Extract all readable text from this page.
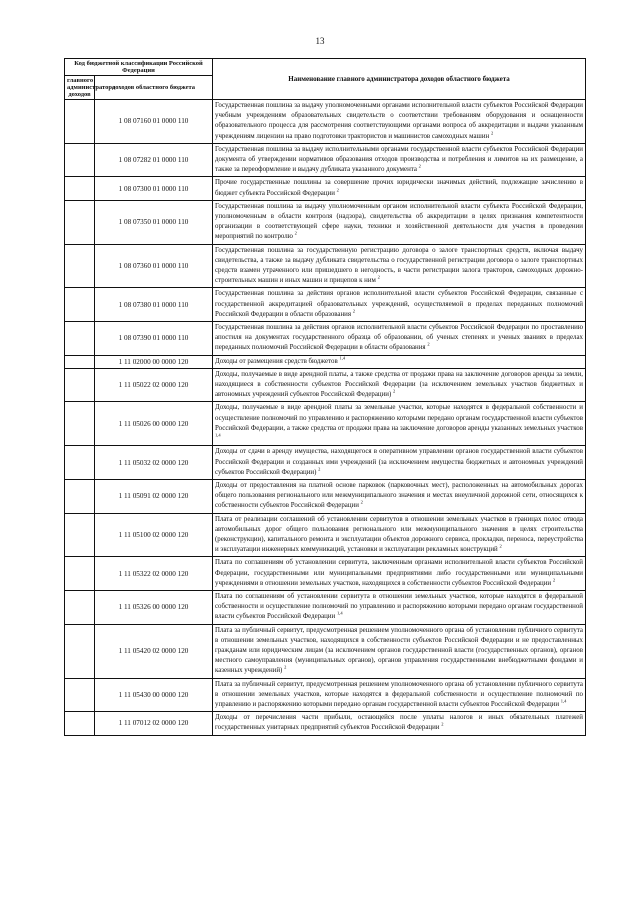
13
Код бюджетной классификации Российской Федерации		Наименование главного администратора доходов областного бюджета
главного администратора доходов	доходов областного бюджета	
	1 08 07160 01 0000 110	Государственная пошлина за выдачу уполномоченными органами исполнительной власти субъектов Российской Федерации учебным учреждениям образовательных свидетельств о соответствии требованиям оборудования и оснащенности образовательного процесса для рассмотрения соответствующими органами вопроса об аккредитации и выдачи указанным учреждениям лицензии на право подготовки трактористов и машинистов самоходных машин $^2$
	1 08 07282 01 0000 110	Государственная пошлина за выдачу исполнительными органами государственной власти субъектов Российской Федерации документа об утверждении нормативов образования отходов производства и потребления и лимитов на их размещение, а также за переоформление и выдачу дубликата указанного документа $^2$
	1 08 07300 01 0000 110	Прочие государственные пошлины за совершение прочих юридически значимых действий, подлежащие зачислению в бюджет субъекта Российской Федерации $^2$
	1 08 07350 01 0000 110	Государственная пошлина за выдачу уполномоченным органом исполнительной власти субъекта Российской Федерации, уполномоченным в области контроля (надзора), свидетельства об аккредитации в целях признания компетентности организации в соответствующей сфере науки, техники и хозяйственной деятельности для участия в проведении мероприятий по контролю $^2$
	1 08 07360 01 0000 110	Государственная пошлина за государственную регистрацию договора о залоге транспортных средств, включая выдачу свидетельства, а также за выдачу дубликата свидетельства о государственной регистрации договора о залоге транспортных средств взамен утраченного или пришедшего в негодность, в части регистрации залога тракторов, самоходных дорожно-строительных машин и иных машин и прицепов к ним $^2$
	1 08 07380 01 0000 110	Государственная пошлина за действия органов исполнительной власти субъектов Российской Федерации, связанные с государственной аккредитацией образовательных учреждений, осуществляемой в пределах переданных полномочий Российской Федерации в области образования $^2$
	1 08 07390 01 0000 110	Государственная пошлина за действия органов исполнительной власти субъектов Российской Федерации по проставлению апостиля на документах государственного образца об образовании, об ученых степенях и ученых званиях в пределах переданных полномочий Российской Федерации в области образования $^2$
	1 11 02000 00 0000 120	Доходы от размещения средств бюджетов $^{1,4}$
	1 11 05022 02 0000 120	Доходы, получаемые в виде арендной платы, а также средства от продажи права на заключение договоров аренды за земли, находящиеся в собственности субъектов Российской Федерации (за исключением земельных участков бюджетных и автономных учреждений субъектов Российской Федерации) $^2$
	1 11 05026 00 0000 120	Доходы, получаемые в виде арендной платы за земельные участки, которые находятся в федеральной собственности и осуществление полномочий по управлению и распоряжению которыми передано органам государственной власти субъектов Российской Федерации, а также средства от продажи права на заключение договоров аренды указанных земельных участков $^{1,4}$
	1 11 05032 02 0000 120	Доходы от сдачи в аренду имущества, находящегося в оперативном управлении органов государственной власти субъектов Российской Федерации и созданных ими учреждений (за исключением имущества бюджетных и автономных учреждений субъектов Российской Федерации) $^2$
	1 11 05091 02 0000 120	Доходы от предоставления на платной основе парковок (парковочных мест), расположенных на автомобильных дорогах общего пользования регионального или межмуниципального значения и местах внеуличной дорожной сети, относящихся к собственности субъектов Российской Федерации $^2$
	1 11 05100 02 0000 120	Плата от реализации соглашений об установлении сервитутов в отношении земельных участков в границах полос отвода автомобильных дорог общего пользования регионального или межмуниципального значения в целях строительства (реконструкции), капитального ремонта и эксплуатации объектов дорожного сервиса, прокладки, переноса, переустройства и эксплуатации инженерных коммуникаций, установки и эксплуатации рекламных конструкций $^2$
	1 11 05322 02 0000 120	Плата по соглашениям об установлении сервитута, заключенным органами исполнительной власти субъектов Российской Федерации, государственными или муниципальными предприятиями либо государственными или муниципальными учреждениями в отношении земельных участков, находящихся в собственности субъектов Российской Федерации $^2$
	1 11 05326 00 0000 120	Плата по соглашениям об установлении сервитута в отношении земельных участков, которые находятся в федеральной собственности и осуществление полномочий по управлению и распоряжению которыми передано органам государственной власти субъектов Российской Федерации $^{1,4}$
	1 11 05420 02 0000 120	Плата за публичный сервитут, предусмотренная решением уполномоченного органа об установлении публичного сервитута в отношении земельных участков, находящихся в собственности субъектов Российской Федерации и не предоставленных гражданам или юридическим лицам (за исключением органов государственной власти (государственных органов), органов местного самоуправления (муниципальных органов), органов управления государственными внебюджетными фондами и казенных учреждений) $^2$
	1 11 05430 00 0000 120	Плата за публичный сервитут, предусмотренная решением уполномоченного органа об установлении публичного сервитута в отношении земельных участков, которые находятся в федеральной собственности и осуществление полномочий по управлению и распоряжению которыми передано органам государственной власти субъектов Российской Федерации $^{1,4}$
	1 11 07012 02 0000 120	Доходы от перечисления части прибыли, остающейся после уплаты налогов и иных обязательных платежей государственных унитарных предприятий субъектов Российской Федерации $^2$
